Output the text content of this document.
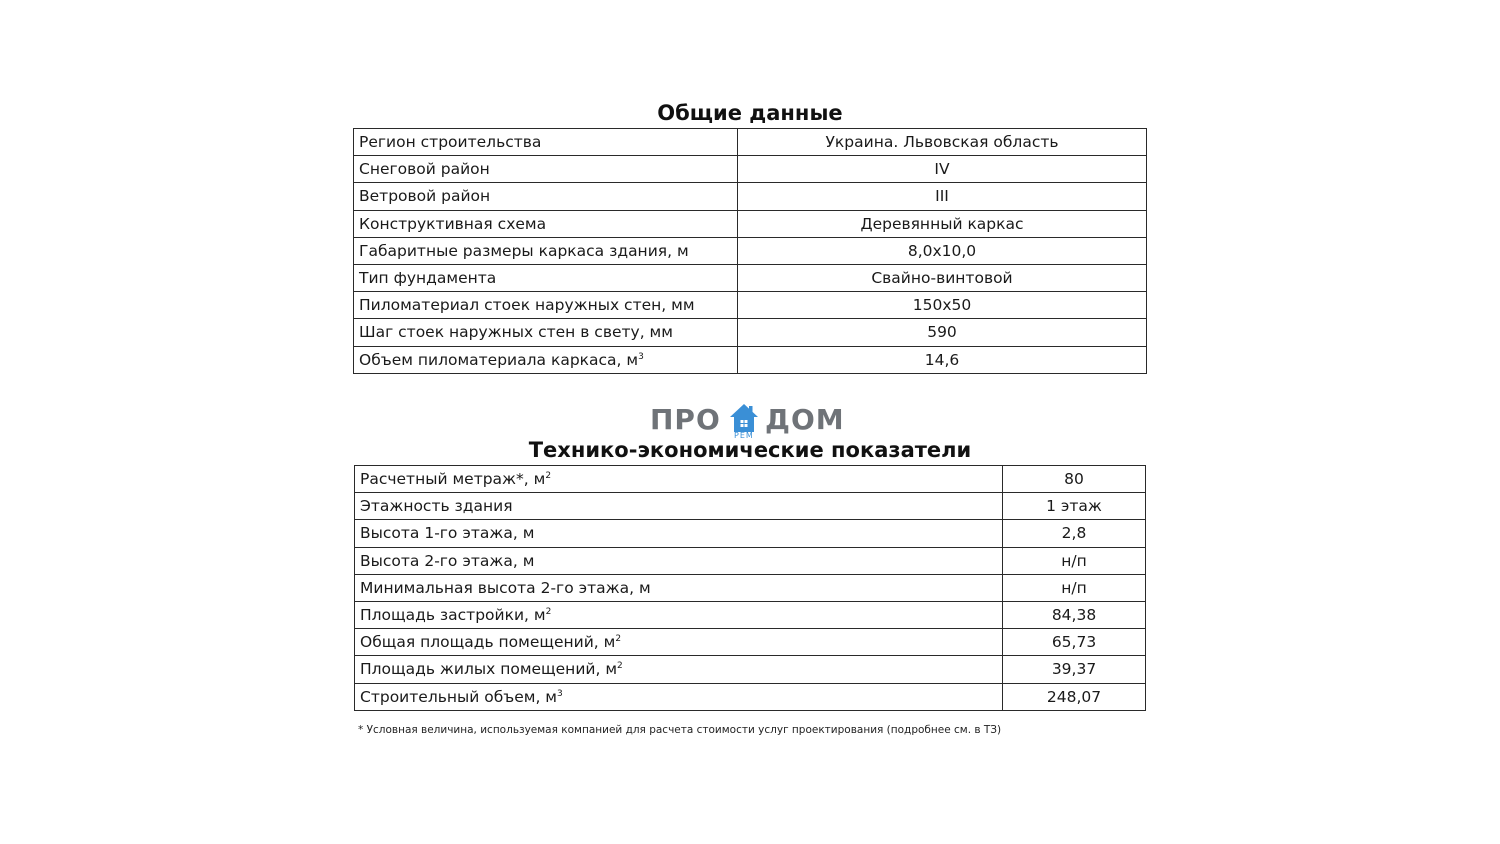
Общие данные
Регион строительства	Украина. Львовская область
Снеговой район	IV
Ветровой район	III
Конструктивная схема	Деревянный каркас
Габаритные размеры каркаса здания, м	8,0х10,0
Тип фундамента	Свайно-винтовой
Пиломатериал стоек наружных стен, мм	150х50
Шаг стоек наружных стен в свету, мм	590
Объем пиломатериала каркаса, $м^3$	14,6
ПРО РЕМ ДОМ
Технико-экономические показатели
Расчетный метраж*, $м^2$	80
Этажность здания	1 этаж
Высота 1-го этажа, м	2,8
Высота 2-го этажа, м	н/п
Минимальная высота 2-го этажа, м	н/п
Площадь застройки, $м^2$	84,38
Общая площадь помещений, $м^2$	65,73
Площадь жилых помещений, $м^2$	39,37
Строительный объем, $м^3$	248,07
* Условная величина, используемая компанией для расчета стоимости услуг проектирования (подробнее см. в ТЗ)
